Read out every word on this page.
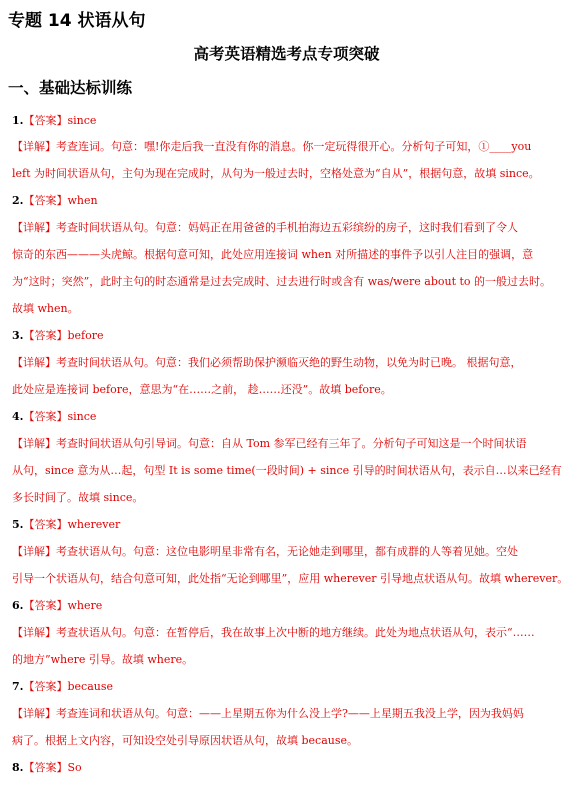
专题 14 状语从句
高考英语精选考点专项突破
一、基础达标训练
1.【答案】since
【详解】考查连词。句意：嘿!你走后我一直没有你的消息。你一定玩得很开心。分析句子可知，①____you
left 为时间状语从句，主句为现在完成时，从句为一般过去时，空格处意为“自从”，根据句意，故填 since。
2.【答案】when
【详解】考查时间状语从句。句意：妈妈正在用爸爸的手机拍海边五彩缤纷的房子，这时我们看到了令人
惊奇的东西———头虎鲸。根据句意可知，此处应用连接词 when 对所描述的事件予以引人注目的强调，意
为“这时；突然”，此时主句的时态通常是过去完成时、过去进行时或含有 was/were about to 的一般过去时。
故填 when。
3.【答案】before
【详解】考查时间状语从句。句意：我们必须帮助保护濒临灭绝的野生动物，以免为时已晚。 根据句意，
此处应是连接词 before，意思为“在……之前， 趁……还没”。故填 before。
4.【答案】since
【详解】考查时间状语从句引导词。句意：自从 Tom 参军已经有三年了。分析句子可知这是一个时间状语
从句，since 意为从…起，句型 It is some time(一段时间) + since 引导的时间状语从句，表示自…以来已经有
多长时间了。故填 since。
5.【答案】wherever
【详解】考查状语从句。句意：这位电影明星非常有名，无论她走到哪里，都有成群的人等着见她。空处
引导一个状语从句，结合句意可知，此处指“无论到哪里”，应用 wherever 引导地点状语从句。故填 wherever。
6.【答案】where
【详解】考查状语从句。句意：在暂停后，我在故事上次中断的地方继续。此处为地点状语从句，表示“……
的地方”where 引导。故填 where。
7.【答案】because
【详解】考查连词和状语从句。句意：——上星期五你为什么没上学?——上星期五我没上学，因为我妈妈
病了。根据上文内容，可知设空处引导原因状语从句，故填 because。
8.【答案】So
